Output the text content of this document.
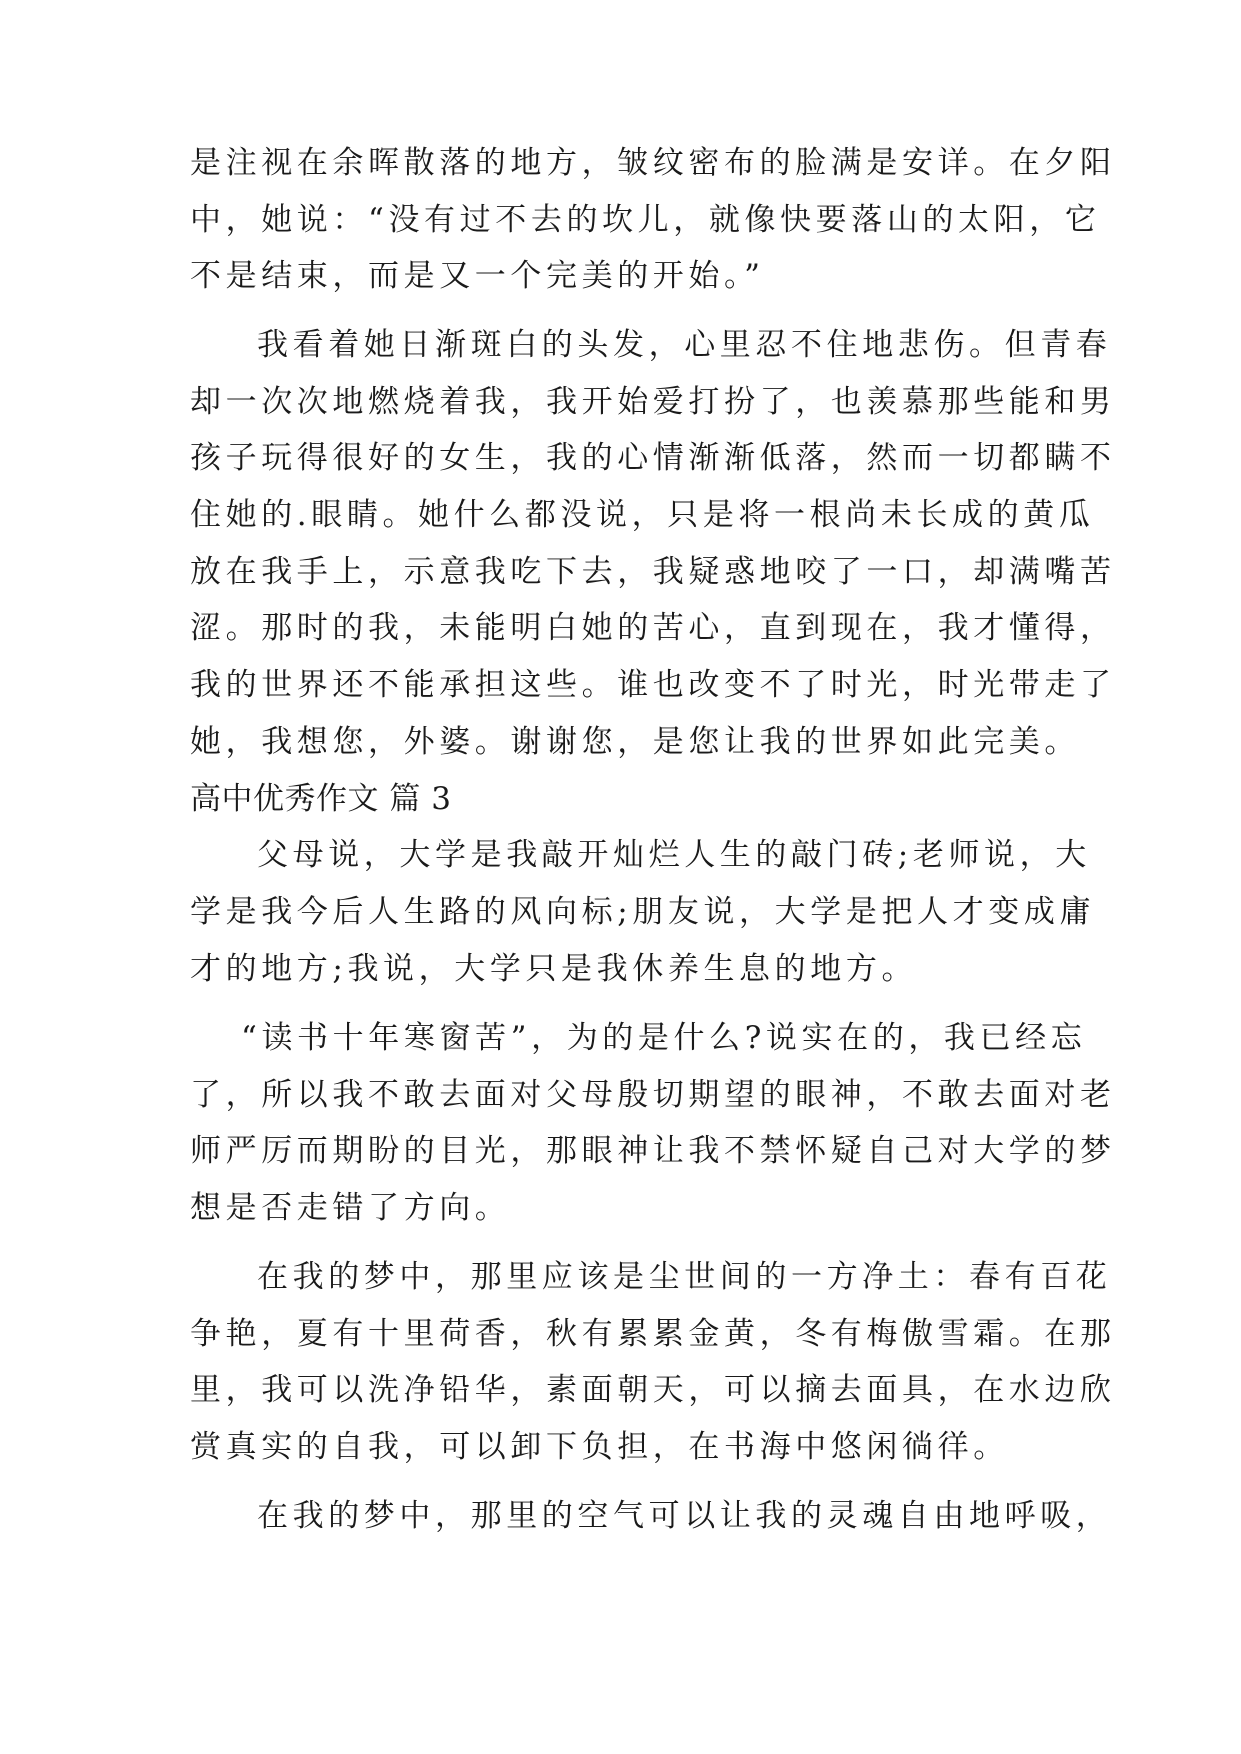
是注视在余晖散落的地方，皱纹密布的脸满是安详。在夕阳

中，她说：“没有过不去的坎儿，就像快要落山的太阳，它

不是结束，而是又一个完美的开始。”

我看着她日渐斑白的头发，心里忍不住地悲伤。但青春

却一次次地燃烧着我，我开始爱打扮了，也羡慕那些能和男

孩子玩得很好的女生，我的心情渐渐低落，然而一切都瞒不

住她的.眼睛。她什么都没说，只是将一根尚未长成的黄瓜

放在我手上，示意我吃下去，我疑惑地咬了一口，却满嘴苦

涩。那时的我，未能明白她的苦心，直到现在，我才懂得，

我的世界还不能承担这些。谁也改变不了时光，时光带走了

她，我想您，外婆。谢谢您，是您让我的世界如此完美。

高中优秀作文 篇 3

父母说，大学是我敲开灿烂人生的敲门砖;老师说，大

学是我今后人生路的风向标;朋友说，大学是把人才变成庸

才的地方;我说，大学只是我休养生息的地方。

“读书十年寒窗苦”，为的是什么?说实在的，我已经忘

了，所以我不敢去面对父母殷切期望的眼神，不敢去面对老

师严厉而期盼的目光，那眼神让我不禁怀疑自己对大学的梦

想是否走错了方向。

在我的梦中，那里应该是尘世间的一方净土：春有百花

争艳，夏有十里荷香，秋有累累金黄，冬有梅傲雪霜。在那

里，我可以洗净铅华，素面朝天，可以摘去面具，在水边欣

赏真实的自我，可以卸下负担，在书海中悠闲徜徉。

在我的梦中，那里的空气可以让我的灵魂自由地呼吸，
